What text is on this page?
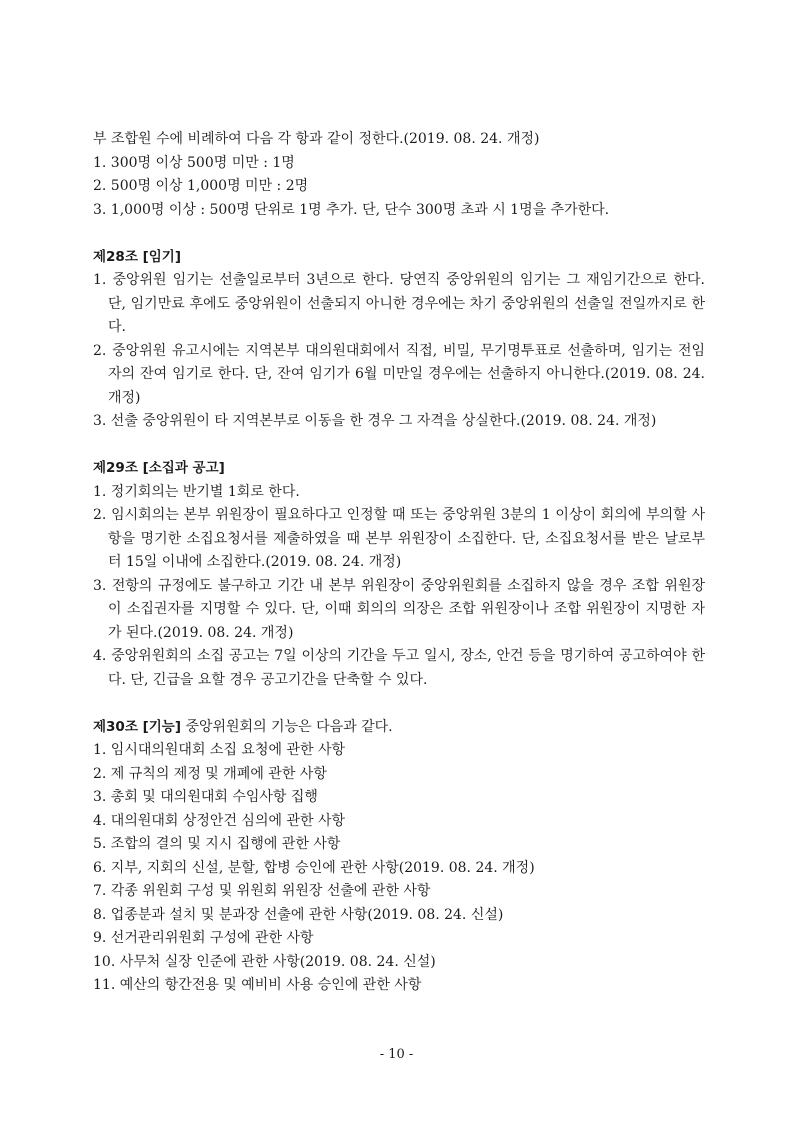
부 조합원 수에 비례하여 다음 각 항과 같이 정한다.(2019. 08. 24. 개정)

1. 300명 이상 500명 미만 : 1명

2. 500명 이상 1,000명 미만 : 2명

3. 1,000명 이상 : 500명 단위로 1명 추가. 단, 단수 300명 초과 시 1명을 추가한다.

제28조 [임기]

1. 중앙위원 임기는 선출일로부터 3년으로 한다. 당연직 중앙위원의 임기는 그 재임기간으로 한다. 단, 임기만료 후에도 중앙위원이 선출되지 아니한 경우에는 차기 중앙위원의 선출일 전일까지로 한다.

2. 중앙위원 유고시에는 지역본부 대의원대회에서 직접, 비밀, 무기명투표로 선출하며, 임기는 전임자의 잔여 임기로 한다. 단, 잔여 임기가 6월 미만일 경우에는 선출하지 아니한다.(2019. 08. 24. 개정)

3. 선출 중앙위원이 타 지역본부로 이동을 한 경우 그 자격을 상실한다.(2019. 08. 24. 개정)

제29조 [소집과 공고]

1. 정기회의는 반기별 1회로 한다.

2. 임시회의는 본부 위원장이 필요하다고 인정할 때 또는 중앙위원 3분의 1 이상이 회의에 부의할 사항을 명기한 소집요청서를 제출하였을 때 본부 위원장이 소집한다. 단, 소집요청서를 받은 날로부터 15일 이내에 소집한다.(2019. 08. 24. 개정)

3. 전항의 규정에도 불구하고 기간 내 본부 위원장이 중앙위원회를 소집하지 않을 경우 조합 위원장이 소집권자를 지명할 수 있다. 단, 이때 회의의 의장은 조합 위원장이나 조합 위원장이 지명한 자가 된다.(2019. 08. 24. 개정)

4. 중앙위원회의 소집 공고는 7일 이상의 기간을 두고 일시, 장소, 안건 등을 명기하여 공고하여야 한다. 단, 긴급을 요할 경우 공고기간을 단축할 수 있다.

제30조 [기능] 중앙위원회의 기능은 다음과 같다.

1. 임시대의원대회 소집 요청에 관한 사항

2. 제 규칙의 제정 및 개폐에 관한 사항

3. 총회 및 대의원대회 수임사항 집행

4. 대의원대회 상정안건 심의에 관한 사항

5. 조합의 결의 및 지시 집행에 관한 사항

6. 지부, 지회의 신설, 분할, 합병 승인에 관한 사항(2019. 08. 24. 개정)

7. 각종 위원회 구성 및 위원회 위원장 선출에 관한 사항

8. 업종분과 설치 및 분과장 선출에 관한 사항(2019. 08. 24. 신설)

9. 선거관리위원회 구성에 관한 사항

10. 사무처 실장 인준에 관한 사항(2019. 08. 24. 신설)

11. 예산의 항간전용 및 예비비 사용 승인에 관한 사항

- 10 -
